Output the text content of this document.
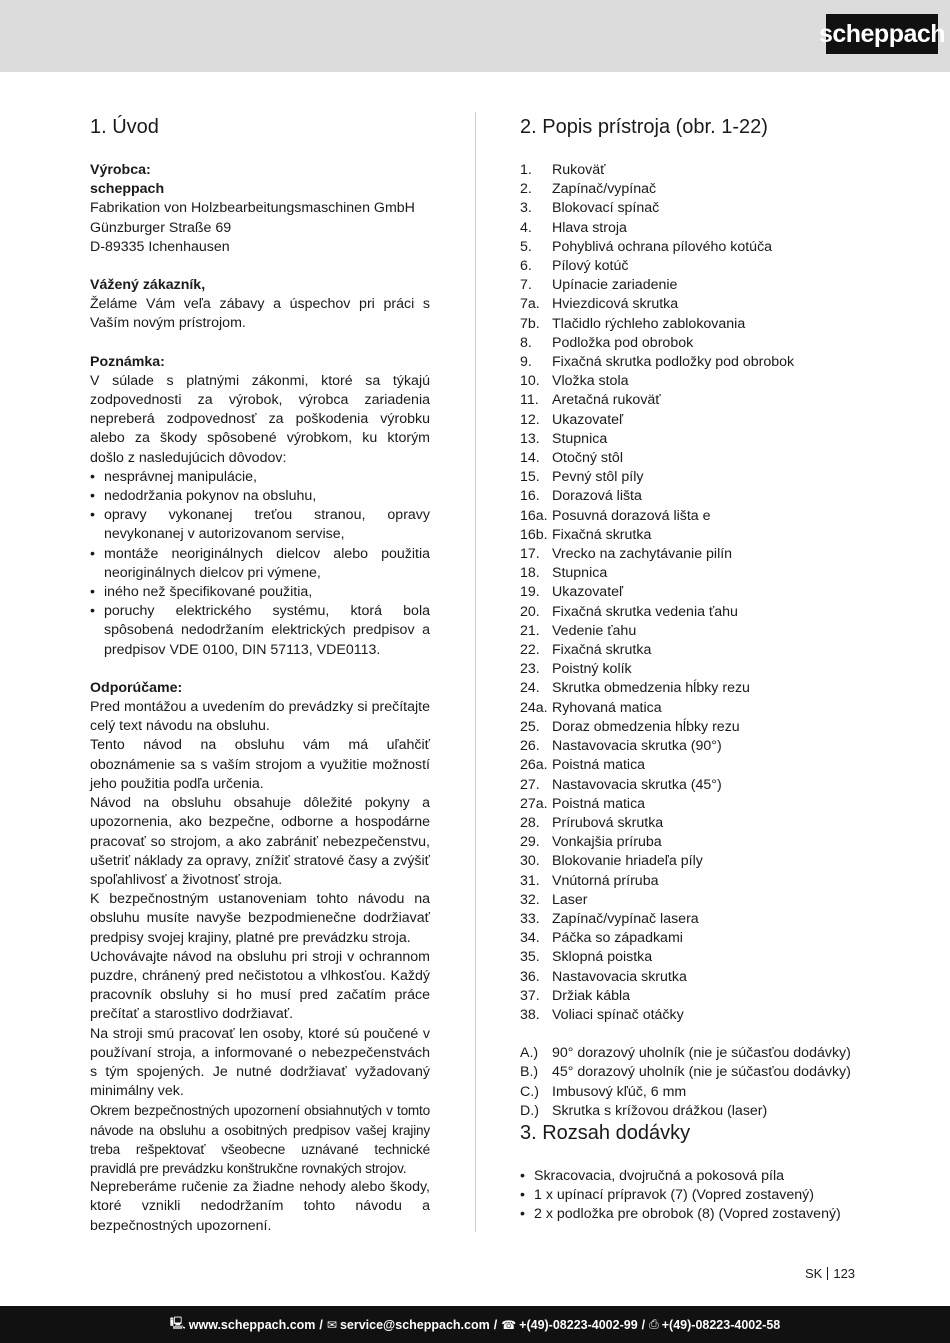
scheppach
1. Úvod
Výrobca:
scheppach
Fabrikation von Holzbearbeitungsmaschinen GmbH
Günzburger Straße 69
D-89335 Ichenhausen
Vážený zákazník,
Želáme Vám veľa zábavy a úspechov pri práci s Vaším novým prístrojom.
Poznámka:
V súlade s platnými zákonmi, ktoré sa týkajú zodpovednosti za výrobok, výrobca zariadenia nepreberá zodpovednosť za poškodenia výrobku alebo za škody spôsobené výrobkom, ku ktorým došlo z nasledujúcich dôvodov:
• nesprávnej manipulácie,
• nedodržania pokynov na obsluhu,
• opravy vykonanej treťou stranou, opravy nevykonanej v autorizovanom servise,
• montáže neoriginálnych dielcov alebo použitia neoriginálnych dielcov pri výmene,
• iného než špecifikované použitia,
• poruchy elektrického systému, ktorá bola spôsobená nedodržaním elektrických predpisov a predpisov VDE 0100, DIN 57113, VDE0113.
Odporúčame:
Pred montážou a uvedením do prevádzky si prečítajte celý text návodu na obsluhu.
Tento návod na obsluhu vám má uľahčiť oboznámenie sa s vaším strojom a využitie možností jeho použitia podľa určenia.
Návod na obsluhu obsahuje dôležité pokyny a upozornenia, ako bezpečne, odborne a hospodárne pracovať so strojom, a ako zabrániť nebezpečenstvu, ušetriť náklady za opravy, znížiť stratové časy a zvýšiť spoľahlivosť a životnosť stroja.
K bezpečnostným ustanoveniam tohto návodu na obsluhu musíte navyše bezpodmienečne dodržiavať predpisy svojej krajiny, platné pre prevádzku stroja.
Uchovávajte návod na obsluhu pri stroji v ochrannom puzdre, chránený pred nečistotou a vlhkosťou. Každý pracovník obsluhy si ho musí pred začatím práce prečítať a starostlivo dodržiavať.
Na stroji smú pracovať len osoby, ktoré sú poučené v používaní stroja, a informované o nebezpečenstvách s tým spojených. Je nutné dodržiavať vyžadovaný minimálny vek.
Okrem bezpečnostných upozornení obsiahnutých v tomto návode na obsluhu a osobitných predpisov vašej krajiny treba rešpektovať všeobecne uznávané technické pravidlá pre prevádzku konštrukčne rovnakých strojov.
Nepreberáme ručenie za žiadne nehody alebo škody, ktoré vznikli nedodržaním tohto návodu a bezpečnostných upozornení.
2. Popis prístroja (obr. 1-22)
1.	Rukoväť
2.	Zapínač/vypínač
3.	Blokovací spínač
4.	Hlava stroja
5.	Pohyblivá ochrana pílového kotúča
6.	Pílový kotúč
7.	Upínacie zariadenie
7a. Hviezdicová skrutka
7b. Tlačidlo rýchleho zablokovania
8.	Podložka pod obrobok
9.	Fixačná skrutka podložky pod obrobok
10. Vložka stola
11. Aretačná rukoväť
12. Ukazovateľ
13. Stupnica
14. Otočný stôl
15. Pevný stôl píly
16. Dorazová lišta
16a. Posuvná dorazová lišta e
16b. Fixačná skrutka
17. Vrecko na zachytávanie pilín
18. Stupnica
19. Ukazovateľ
20. Fixačná skrutka vedenia ťahu
21. Vedenie ťahu
22. Fixačná skrutka
23. Poistný kolík
24. Skrutka obmedzenia hĺbky rezu
24a. Ryhovaná matica
25. Doraz obmedzenia hĺbky rezu
26. Nastavovacia skrutka (90°)
26a. Poistná matica
27. Nastavovacia skrutka (45°)
27a. Poistná matica
28. Prírubová skrutka
29. Vonkajšia príruba
30. Blokovanie hriadeľa píly
31. Vnútorná príruba
32. Laser
33. Zapínač/vypínač lasera
34. Páčka so západkami
35. Sklopná poistka
36. Nastavovacia skrutka
37. Držiak kábla
38. Voliaci spínač otáčky
A.) 90° dorazový uholník (nie je súčasťou dodávky)
B.) 45° dorazový uholník (nie je súčasťou dodávky)
C.) Imbusový kľúč, 6 mm
D.) Skrutka s krížovou drážkou (laser)
3. Rozsah dodávky
• Skracovacia, dvojručná a pokosová píla
• 1 x upínací prípravok (7) (Vopred zostavený)
• 2 x podložka pre obrobok (8) (Vopred zostavený)
SK 123
🖳 www.scheppach.com / ✉ service@scheppach.com / ☎ +(49)-08223-4002-99 / ⎙ +(49)-08223-4002-58
